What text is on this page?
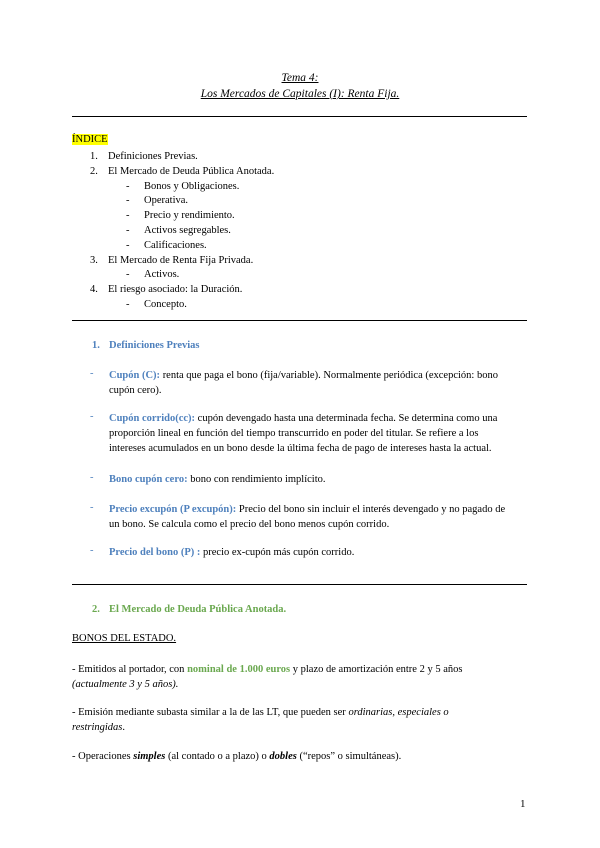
Tema 4:
Los Mercados de Capitales (I): Renta Fija.
ÍNDICE
1. Definiciones Previas.
2. El Mercado de Deuda Pública Anotada.
- Bonos y Obligaciones.
- Operativa.
- Precio y rendimiento.
- Activos segregables.
- Calificaciones.
3. El Mercado de Renta Fija Privada.
- Activos.
4. El riesgo asociado: la Duración.
- Concepto.
1. Definiciones Previas
- Cupón (C): renta que paga el bono (fija/variable). Normalmente periódica (excepción: bono
cupón cero).
- Cupón corrido(cc): cupón devengado hasta una determinada fecha. Se determina como una
proporción lineal en función del tiempo transcurrido en poder del titular. Se refiere a los
intereses acumulados en un bono desde la última fecha de pago de intereses hasta la actual.
- Bono cupón cero: bono con rendimiento implícito.
- Precio excupón (P excupón): Precio del bono sin incluir el interés devengado y no pagado de
un bono. Se calcula como el precio del bono menos cupón corrido.
- Precio del bono (P) : precio ex-cupón más cupón corrido.
2. El Mercado de Deuda Pública Anotada.
BONOS DEL ESTADO.
- Emitidos al portador, con nominal de 1.000 euros y plazo de amortización entre 2 y 5 años
(actualmente 3 y 5 años).
- Emisión mediante subasta similar a la de las LT, que pueden ser ordinarias, especiales o
restringidas.
- Operaciones simples (al contado o a plazo) o dobles (“repos” o simultáneas).
1
